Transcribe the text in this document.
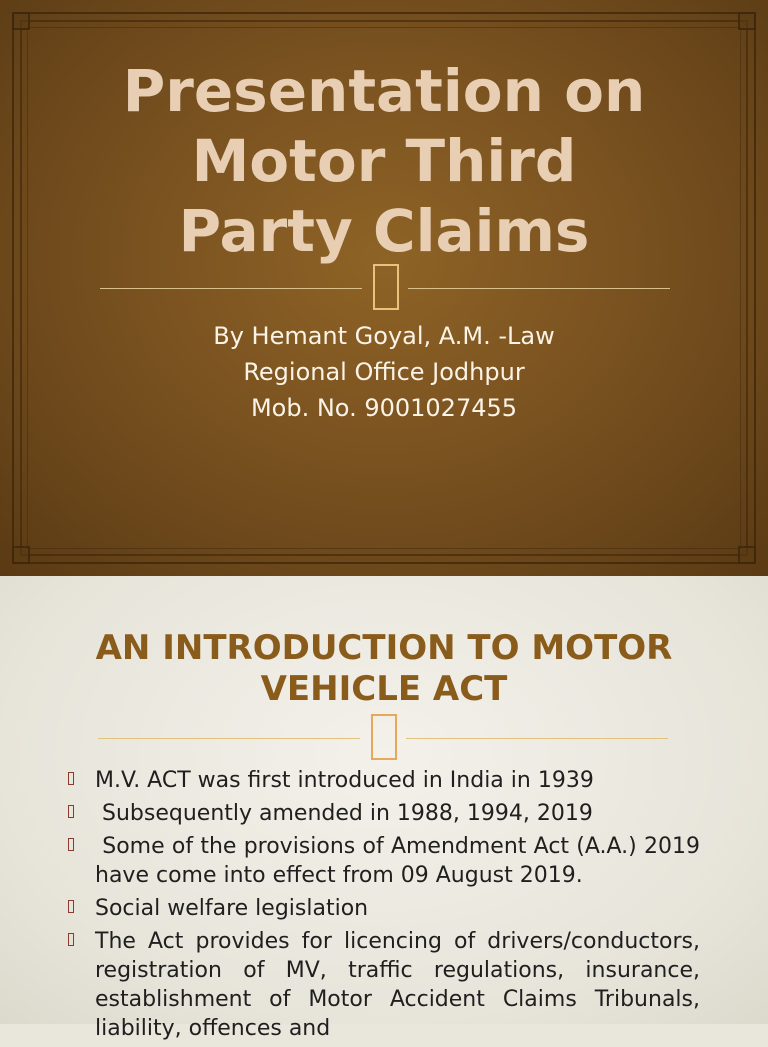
Presentation on
Motor Third
Party Claims
By Hemant Goyal, A.M. -Law
Regional Office Jodhpur
Mob. No. 9001027455
AN INTRODUCTION TO MOTOR
VEHICLE ACT
M.V. ACT was first introduced in India in 1939
Subsequently amended in 1988, 1994, 2019
Some of the provisions of Amendment Act (A.A.) 2019 have come into effect from 09 August 2019.
Social welfare legislation
The Act provides for licencing of drivers/conductors, registration of MV, traffic regulations, insurance, establishment of Motor Accident Claims Tribunals, liability, offences and
